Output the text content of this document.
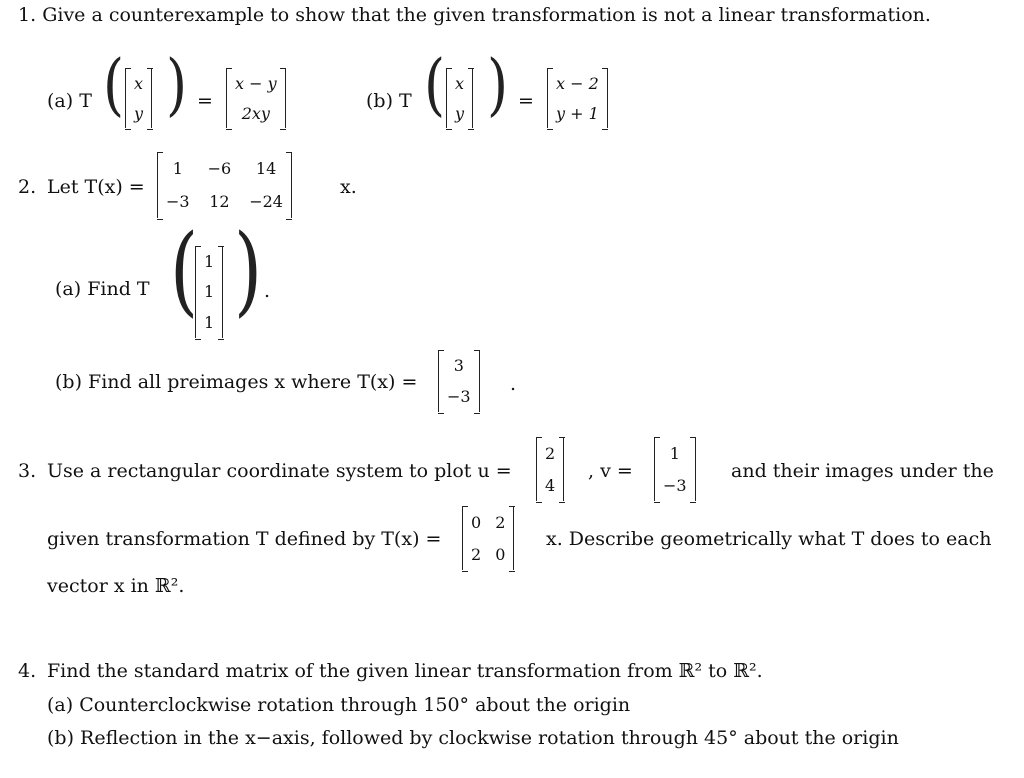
1. Give a counterexample to show that the given transformation is not a linear transformation.
(a) T ( x
y ) =
x − y
2xy
(b) T ( x
y ) =
x − 2
y + 1
2. Let T(x) =
1	−6	14
−3 12 −24
x.
(a) Find T ( 1
1
1 ) .
(b) Find all preimages x where T(x) =
3
−3
.
3. Use a rectangular coordinate system to plot u =
2
4
, v =
1
−3
and their images under the
given transformation T defined by T(x) =
0 2
2 0
x. Describe geometrically what T does to each
vector x in ℝ².
4. Find the standard matrix of the given linear transformation from ℝ² to ℝ².
(a) Counterclockwise rotation through 150° about the origin
(b) Reflection in the x−axis, followed by clockwise rotation through 45° about the origin
